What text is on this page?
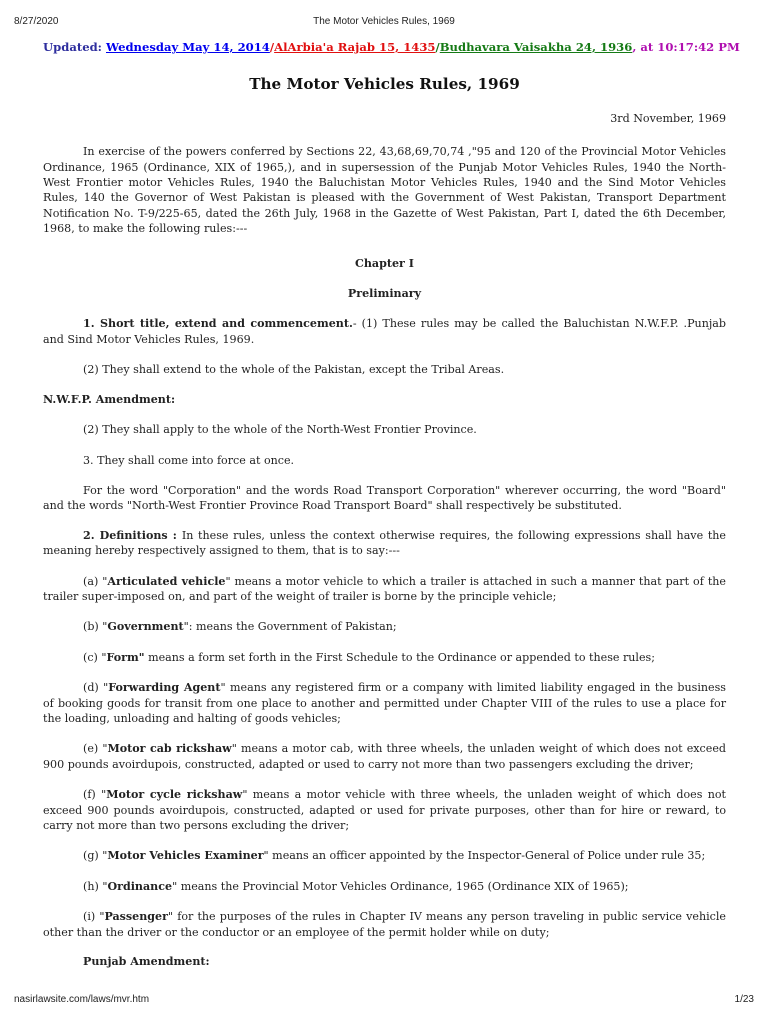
8/27/2020	The Motor Vehicles Rules, 1969

Updated: Wednesday May 14, 2014/AlArbia'a Rajab 15, 1435/Budhavara Vaisakha 24, 1936, at 10:17:42 PM

The Motor Vehicles Rules, 1969
3rd November, 1969

In exercise of the powers conferred by Sections 22, 43,68,69,70,74 ,"95 and 120 of the Provincial Motor Vehicles Ordinance, 1965 (Ordinance, XIX of 1965,), and in supersession of the Punjab Motor Vehicles Rules, 1940 the North-West Frontier motor Vehicles Rules, 1940 the Baluchistan Motor Vehicles Rules, 1940 and the Sind Motor Vehicles Rules, 140 the Governor of West Pakistan is pleased with the Government of West Pakistan, Transport Department Notification No. T-9/225-65, dated the 26th July, 1968 in the Gazette of West Pakistan, Part I, dated the 6th December, 1968, to make the following rules:---

Chapter I

Preliminary

1. Short title, extend and commencement.- (1) These rules may be called the Baluchistan N.W.F.P. .Punjab and Sind Motor Vehicles Rules, 1969.

(2) They shall extend to the whole of the Pakistan, except the Tribal Areas.

N.W.F.P. Amendment:

(2) They shall apply to the whole of the North-West Frontier Province.

3. They shall come into force at once.

For the word "Corporation" and the words Road Transport Corporation" wherever occurring, the word "Board" and the words "North-West Frontier Province Road Transport Board" shall respectively be substituted.

2. Definitions : In these rules, unless the context otherwise requires, the following expressions shall have the meaning hereby respectively assigned to them, that is to say:---

(a) "Articulated vehicle" means a motor vehicle to which a trailer is attached in such a manner that part of the trailer super-imposed on, and part of the weight of trailer is borne by the principle vehicle;

(b) "Government": means the Government of Pakistan;

(c) "Form" means a form set forth in the First Schedule to the Ordinance or appended to these rules;

(d) "Forwarding Agent" means any registered firm or a company with limited liability engaged in the business of booking goods for transit from one place to another and permitted under Chapter VIII of the rules to use a place for the loading, unloading and halting of goods vehicles;

(e) "Motor cab rickshaw" means a motor cab, with three wheels, the unladen weight of which does not exceed 900 pounds avoirdupois, constructed, adapted or used to carry not more than two passengers excluding the driver;

(f) "Motor cycle rickshaw" means a motor vehicle with three wheels, the unladen weight of which does not exceed 900 pounds avoirdupois, constructed, adapted or used for private purposes, other than for hire or reward, to carry not more than two persons excluding the driver;

(g) "Motor Vehicles Examiner" means an officer appointed by the Inspector-General of Police under rule 35;

(h) "Ordinance" means the Provincial Motor Vehicles Ordinance, 1965 (Ordinance XIX of 1965);

(i) "Passenger" for the purposes of the rules in Chapter IV means any person traveling in public service vehicle other than the driver or the conductor or an employee of the permit holder while on duty;

Punjab Amendment:

nasirlawsite.com/laws/mvr.htm	1/23
